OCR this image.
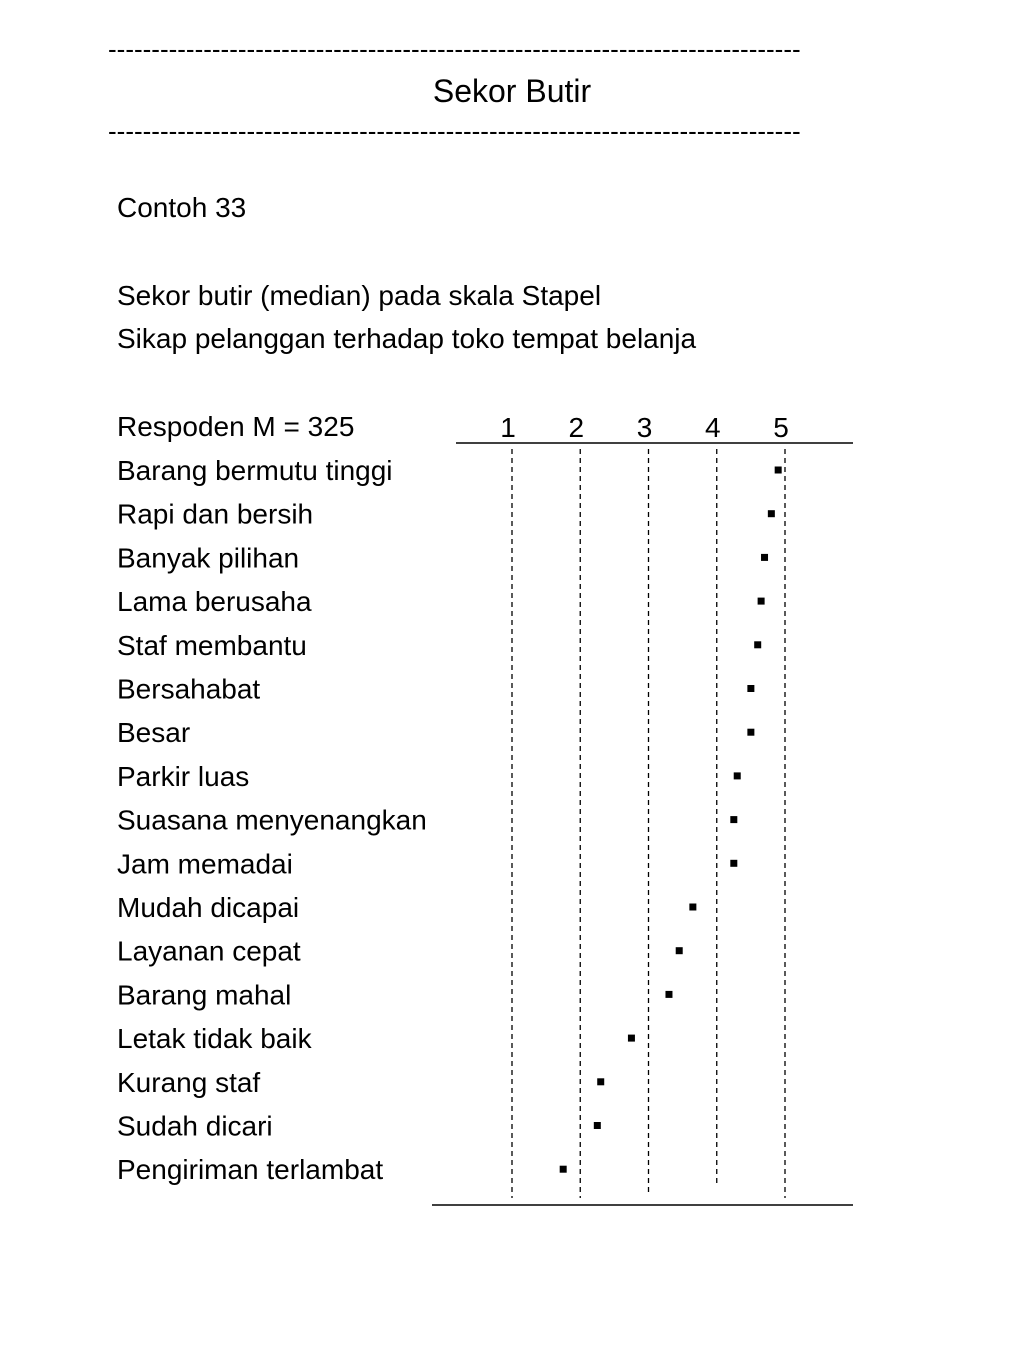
--------------------------------------------------------------------------------
Sekor Butir
--------------------------------------------------------------------------------
Contoh 33
Sekor butir (median) pada skala Stapel
Sikap pelanggan terhadap toko tempat belanja
Respoden M = 325	1 2 3 4 5
Barang bermutu tinggi
Rapi dan bersih
Banyak pilihan
Lama berusaha
Staf membantu
Bersahabat
Besar
Parkir luas
Suasana menyenangkan
Jam memadai
Mudah dicapai
Layanan cepat
Barang mahal
Letak tidak baik
Kurang staf
Sudah dicari
Pengiriman terlambat
